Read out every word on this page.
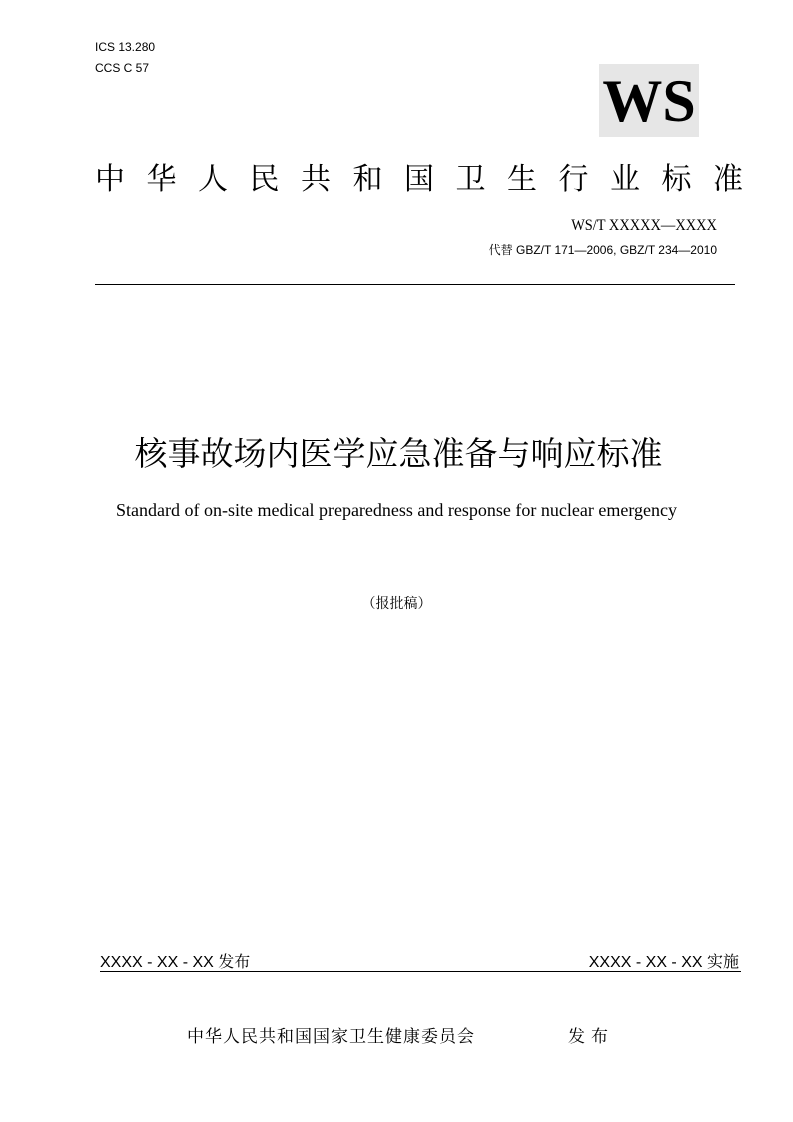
ICS 13.280
CCS C 57	WS
中 华 人 民 共 和 国 卫 生 行 业 标 准
WS/T XXXXX—XXXX
代替 GBZ/T 171—2006, GBZ/T 234—2010
核事故场内医学应急准备与响应标准
Standard of on-site medical preparedness and response for nuclear emergency
（报批稿）
XXXX - XX - XX 发布	XXXX - XX - XX 实施
中华人民共和国国家卫生健康委员会	发布
